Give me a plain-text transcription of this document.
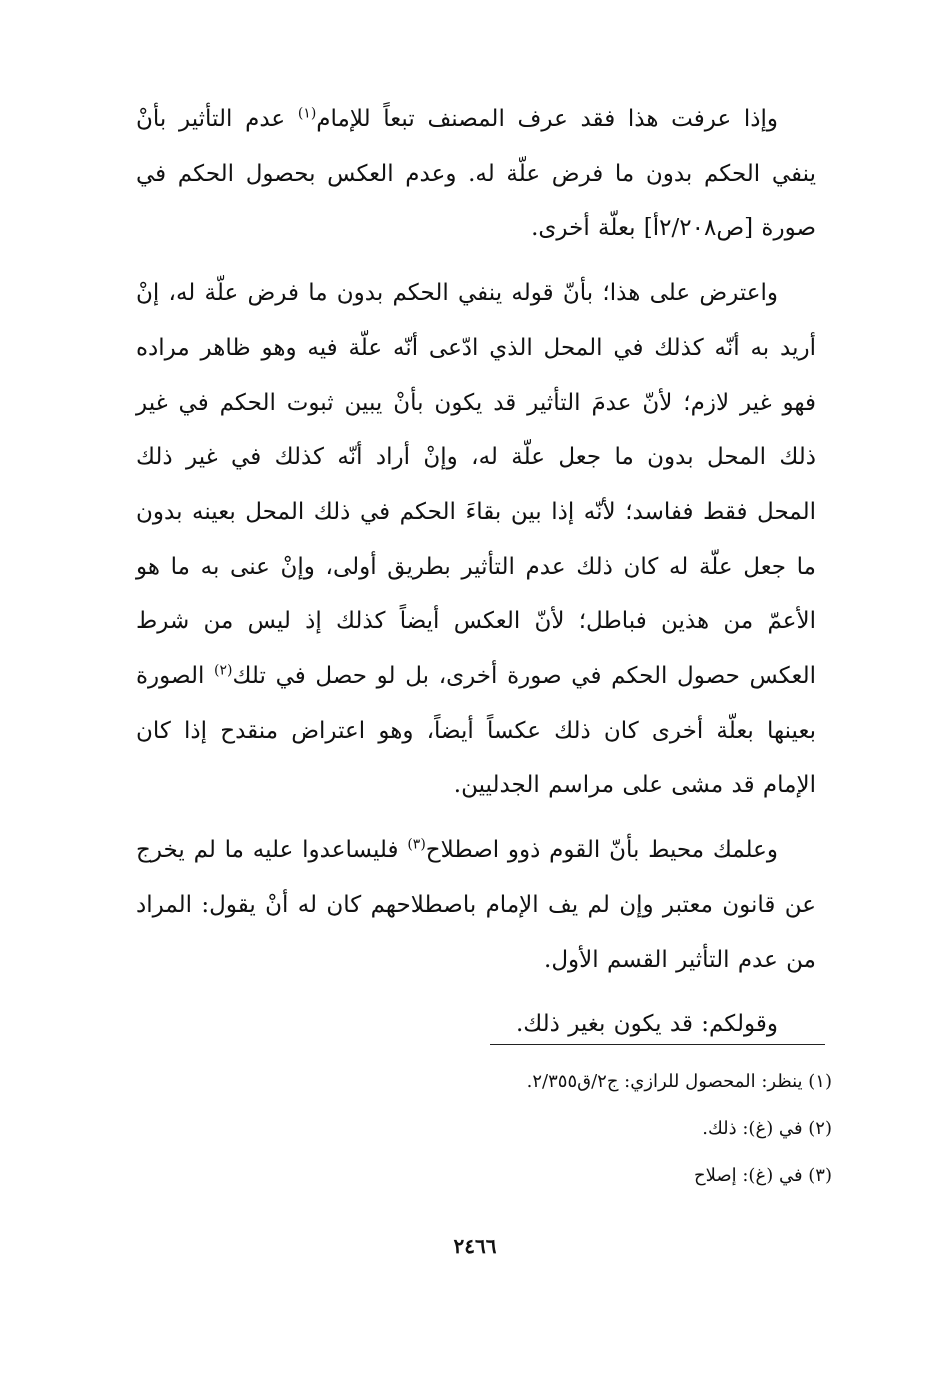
وإذا عرفت هذا فقد عرف المصنف تبعاً للإمام$^{(١)}$ عدم التأثير بأنْ ينفي الحكم بدون ما فرض علّة له. وعدم العكس بحصول الحكم في صورة [ص٢/٢٠٨أ] بعلّة أخرى.

واعترض على هذا؛ بأنّ قوله ينفي الحكم بدون ما فرض علّة له، إنْ أريد به أنّه كذلك في المحل الذي ادّعى أنّه علّة فيه وهو ظاهر مراده فهو غير لازم؛ لأنّ عدمَ التأثير قد يكون بأنْ يبين ثبوت الحكم في غير ذلك المحل بدون ما جعل علّة له، وإنْ أراد أنّه كذلك في غير ذلك المحل فقط ففاسد؛ لأنّه إذا بين بقاءَ الحكم في ذلك المحل بعينه بدون ما جعل علّة له كان ذلك عدم التأثير بطريق أولى، وإنْ عنى به ما هو الأعمّ من هذين فباطل؛ لأنّ العكس أيضاً كذلك إذ ليس من شرط العكس حصول الحكم في صورة أخرى، بل لو حصل في تلك$^{(٢)}$ الصورة بعينها بعلّة أخرى كان ذلك عكساً أيضاً، وهو اعتراض منقدح إذا كان الإمام قد مشى على مراسم الجدليين.

وعلمك محيط بأنّ القوم ذوو اصطلاح$^{(٣)}$ فليساعدوا عليه ما لم يخرج عن قانون معتبر وإن لم يف الإمام باصطلاحهم كان له أنْ يقول: المراد من عدم التأثير القسم الأول.

وقولكم: قد يكون بغير ذلك.

(١) ينظر: المحصول للرازي: ج٢/ق٢/٣٥٥.

(٢) في (غ): ذلك.

(٣) في (غ): إصلاح

٢٤٦٦
